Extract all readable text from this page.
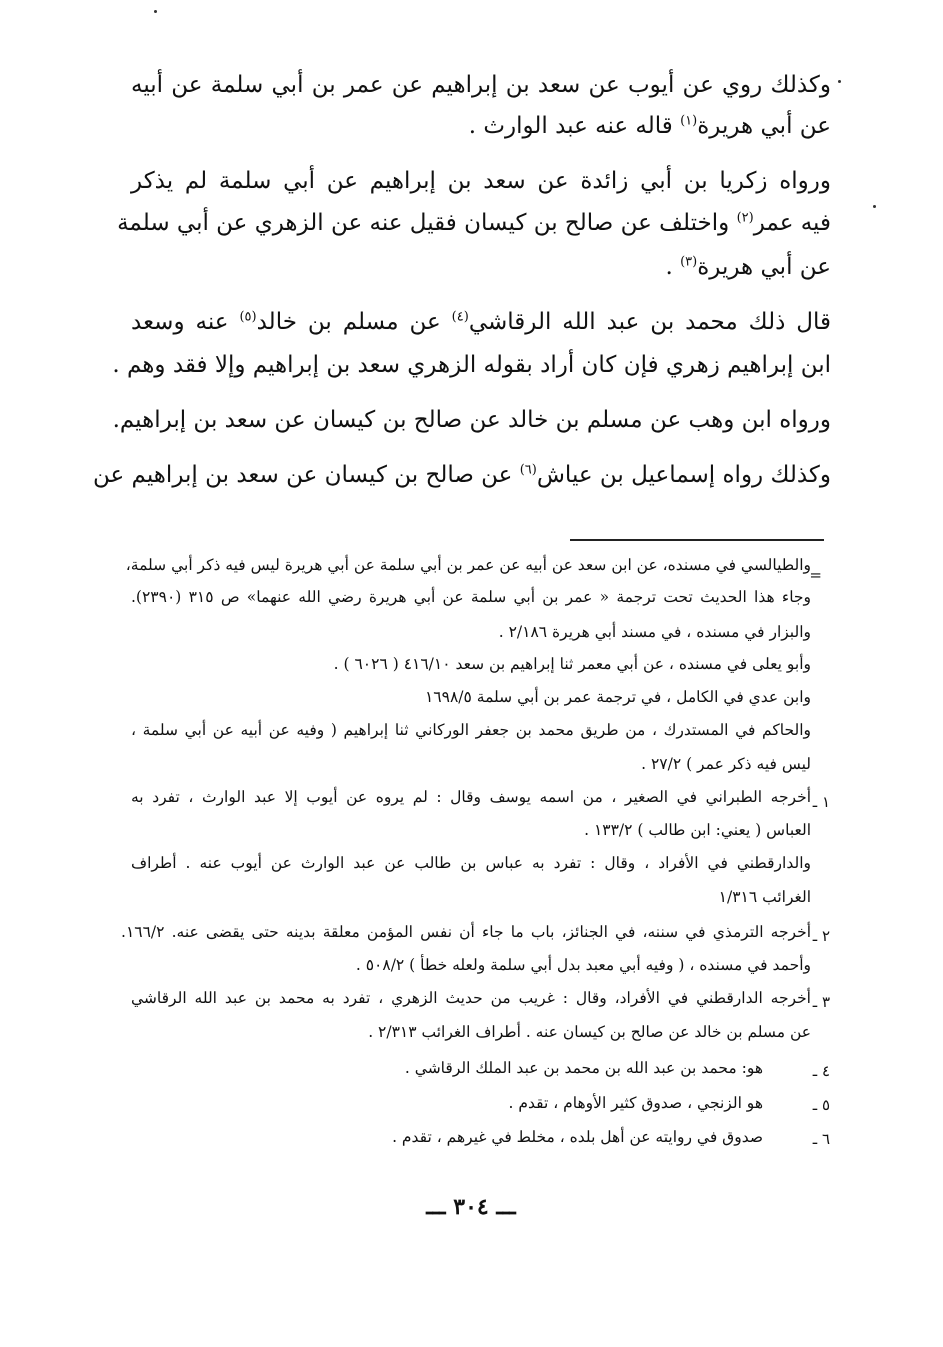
وكذلك روي عن أيوب عن سعد بن إبراهيم عن عمر بن أبي سلمة عن أبيه
عن أبي هريرة$^{(١)}$ قاله عنه عبد الوارث .
ورواه زكريا بن أبي زائدة عن سعد بن إبراهيم عن أبي سلمة لم يذكر
فيه عمر$^{(٢)}$ واختلف عن صالح بن كيسان فقيل عنه عن الزهري عن أبي سلمة
عن أبي هريرة$^{(٣)}$ .
قال ذلك محمد بن عبد الله الرقاشي$^{(٤)}$ عن مسلم بن خالد$^{(٥)}$ عنه وسعد
ابن إبراهيم زهري فإن كان أراد بقوله الزهري سعد بن إبراهيم وإلا فقد وهم .
ورواه ابن وهب عن مسلم بن خالد عن صالح بن كيسان عن سعد بن إبراهيم.
وكذلك رواه إسماعيل بن عياش$^{(٦)}$ عن صالح بن كيسان عن سعد بن إبراهيم عن
=
والطيالسي في مسنده، عن ابن سعد عن أبيه عن عمر بن أبي سلمة عن أبي هريرة ليس فيه ذكر أبي سلمة،
وجاء هذا الحديث تحت ترجمة « عمر بن أبي سلمة عن أبي هريرة رضي الله عنهما» ص ٣١٥ (٢٣٩٠).
والبزار في مسنده ، في مسند أبي هريرة ٢/١٨٦ .
وأبو يعلى في مسنده ، عن أبي معمر ثنا إبراهيم بن سعد ٤١٦/١٠ ( ٦٠٢٦ ) .
وابن عدي في الكامل ، في ترجمة عمر بن أبي سلمة ١٦٩٨/٥
والحاكم في المستدرك ، من طريق محمد بن جعفر الوركاني ثنا إبراهيم ( وفيه عن أبيه عن أبي سلمة ،
ليس فيه ذكر عمر ) ٢٧/٢ .
١ ـ
أخرجه الطبراني في الصغير ، من اسمه يوسف وقال : لم يروه عن أيوب إلا عبد الوارث ، تفرد به
العباس ( يعني: ابن طالب ) ١٣٣/٢ .
والدارقطني في الأفراد ، وقال : تفرد به عباس بن طالب عن عبد الوارث عن أيوب عنه . أطراف
الغرائب ١/٣١٦
٢ ـ
أخرجه الترمذي في سننه، في الجنائز، باب ما جاء أن نفس المؤمن معلقة بدينه حتى يقضى عنه. ١٦٦/٢.
وأحمد في مسنده ، ( وفيه أبي معبد بدل أبي سلمة ولعله خطأ ) ٥٠٨/٢ .
٣ ـ
أخرجه الدارقطني في الأفراد، وقال : غريب من حديث الزهري ، تفرد به محمد بن عبد الله الرقاشي
عن مسلم بن خالد عن صالح بن كيسان عنه . أطراف الغرائب ٢/٣١٣ .
٤ ـ
هو: محمد بن عبد الله بن محمد بن عبد الملك الرقاشي .
٥ ـ
هو الزنجي ، صدوق كثير الأوهام ، تقدم .
٦ ـ
صدوق في روايته عن أهل بلده ، مخلط في غيرهم ، تقدم .
ـــ ٣٠٤ ـــ
